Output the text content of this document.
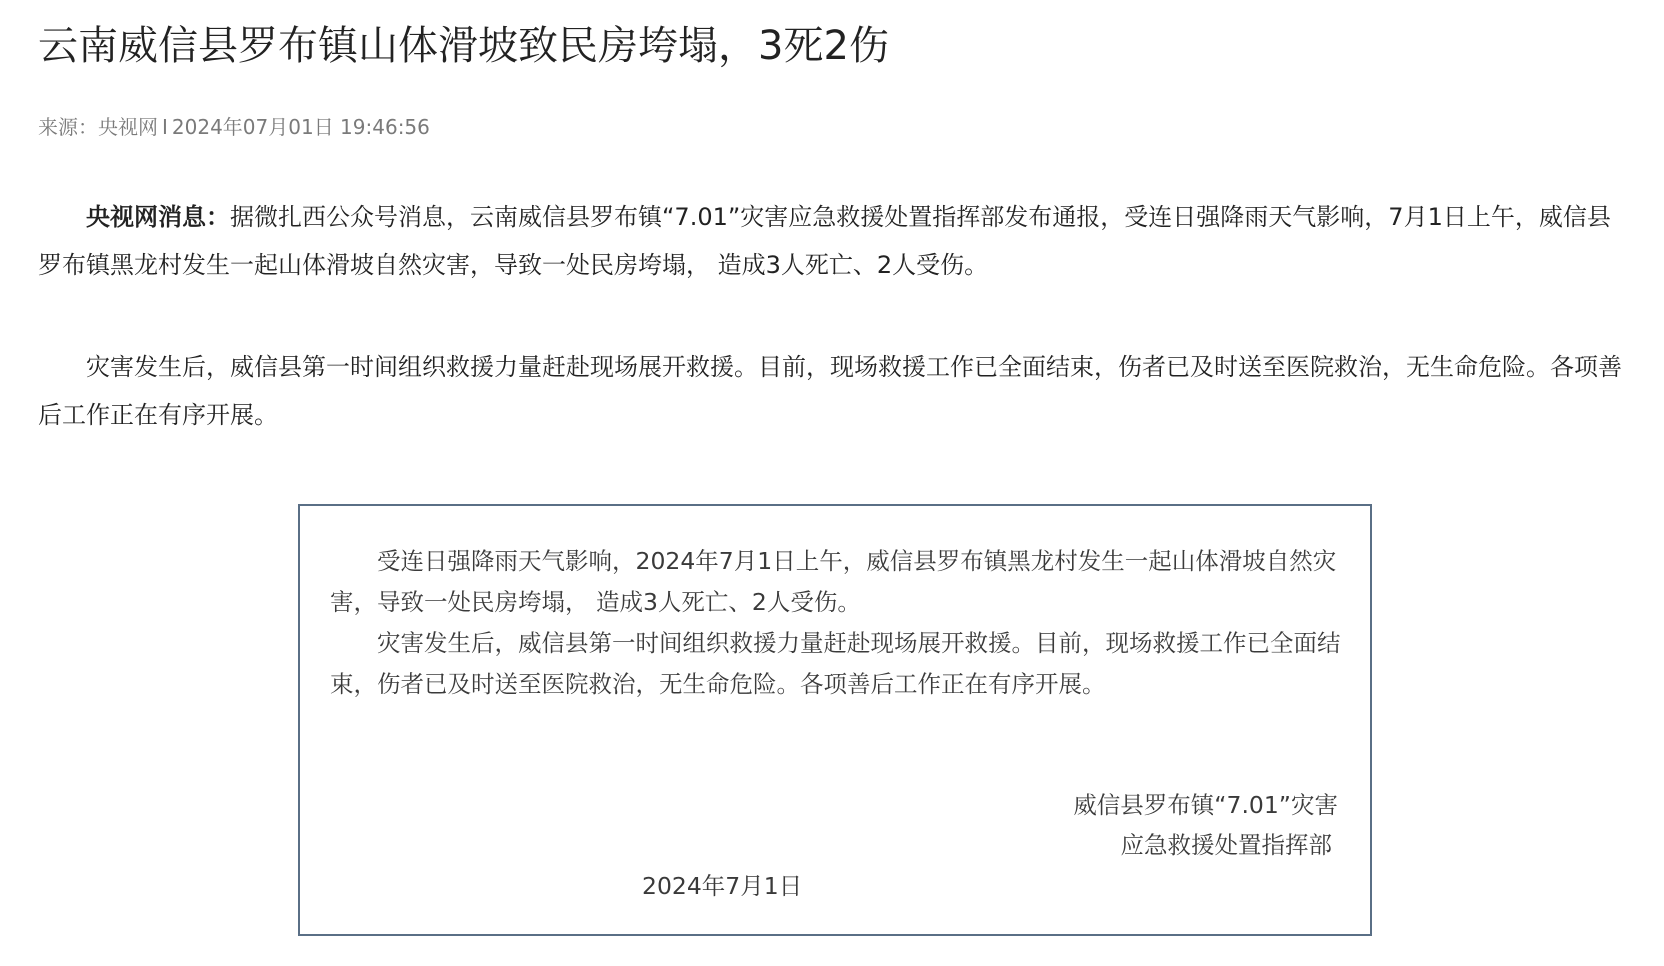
云南威信县罗布镇山体滑坡致民房垮塌，3死2伤
来源：央视网 I 2024年07月01日 19:46:56

央视网消息：据微扎西公众号消息，云南威信县罗布镇“7.01”灾害应急救援处置指挥部发布通报，受连日强降雨天气影响，7月1日上午，威信县罗布镇黑龙村发生一起山体滑坡自然灾害，导致一处民房垮塌， 造成3人死亡、2人受伤。

灾害发生后，威信县第一时间组织救援力量赶赴现场展开救援。目前，现场救援工作已全面结束，伤者已及时送至医院救治，无生命危险。各项善后工作正在有序开展。

受连日强降雨天气影响，2024年7月1日上午，威信县罗布镇黑龙村发生一起山体滑坡自然灾害，导致一处民房垮塌， 造成3人死亡、2人受伤。

灾害发生后，威信县第一时间组织救援力量赶赴现场展开救援。目前，现场救援工作已全面结束，伤者已及时送至医院救治，无生命危险。各项善后工作正在有序开展。

威信县罗布镇“7.01”灾害
应急救援处置指挥部
2024年7月1日
